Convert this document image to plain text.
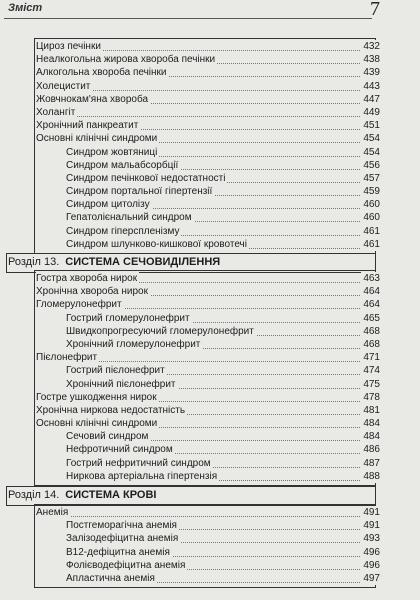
Зміст	7
Цироз печінки	432
Неалкогольна жирова хвороба печінки	438
Алкогольна хвороба печінки	439
Холецистит	443
Жовчнокам'яна хвороба	447
Холангіт	449
Хронічний панкреатит	451
Основні клінічні синдроми	454
Синдром жовтяниці	454
Синдром мальабсорбції	456
Синдром печінкової недостатності	457
Синдром портальної гіпертензії	459
Синдром цитолізу	460
Гепатолієнальний синдром	460
Синдром гіперспленізму	461
Синдром шлунково-кишкової кровотечі	461
Розділ 13. СИСТЕМА СЕЧОВИДІЛЕННЯ
Гостра хвороба нирок	463
Хронічна хвороба нирок	464
Гломерулонефрит	464
Гострий гломерулонефрит	465
Швидкопрогресуючий гломерулонефрит	468
Хронічний гломерулонефрит	468
Пієлонефрит	471
Гострий пієлонефрит	474
Хронічний пієлонефрит	475
Гостре ушкодження нирок	478
Хронічна ниркова недостатність	481
Основні клінічні синдроми	484
Сечовий синдром	484
Нефротичний синдром	486
Гострий нефритичний синдром	487
Ниркова артеріальна гіпертензія	488
Розділ 14. СИСТЕМА КРОВІ
Анемія	491
Постгеморагічна анемія	491
Залізодефіцитна анемія	493
B12-дефіцитна анемія	496
Фолієводефіцитна анемія	496
Апластична анемія	497
